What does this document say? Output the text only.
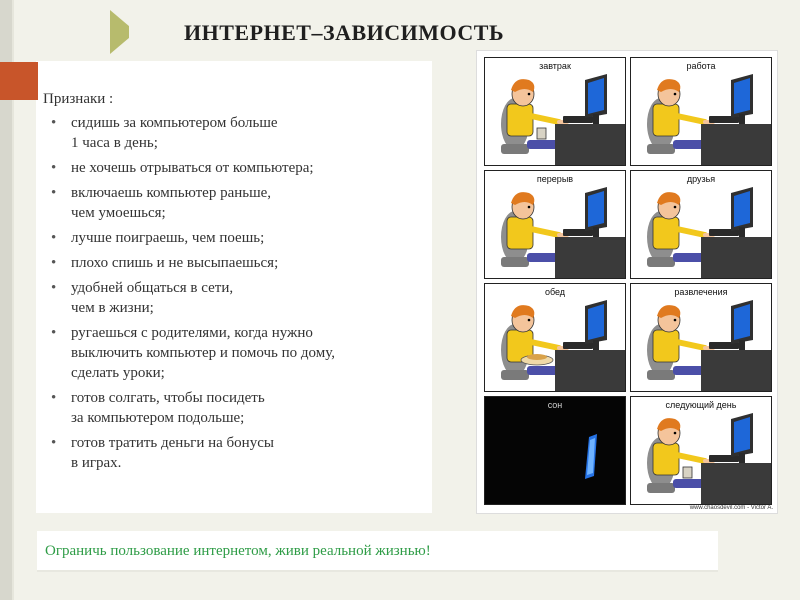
ИНТЕРНЕТ–ЗАВИСИМОСТЬ
Признаки :
• сидишь за компьютером больше
1 часа в день;
• не хочешь отрываться от компьютера;
• включаешь компьютер раньше,
чем умоешься;
• лучше поиграешь, чем поешь;
• плохо спишь и не высыпаешься;
• удобней общаться в сети,
чем в жизни;
• ругаешься с родителями, когда нужно
выключить компьютер и помочь по дому,
сделать уроки;
• готов солгать, чтобы посидеть
за компьютером подольше;
• готов тратить деньги на бонусы
в играх.
завтрак	работа
перерыв	друзья
обед	развлечения
сон	следующий день
www.chaosdevil.com - Victor A.
Ограничь пользование интернетом, живи реальной жизнью!
